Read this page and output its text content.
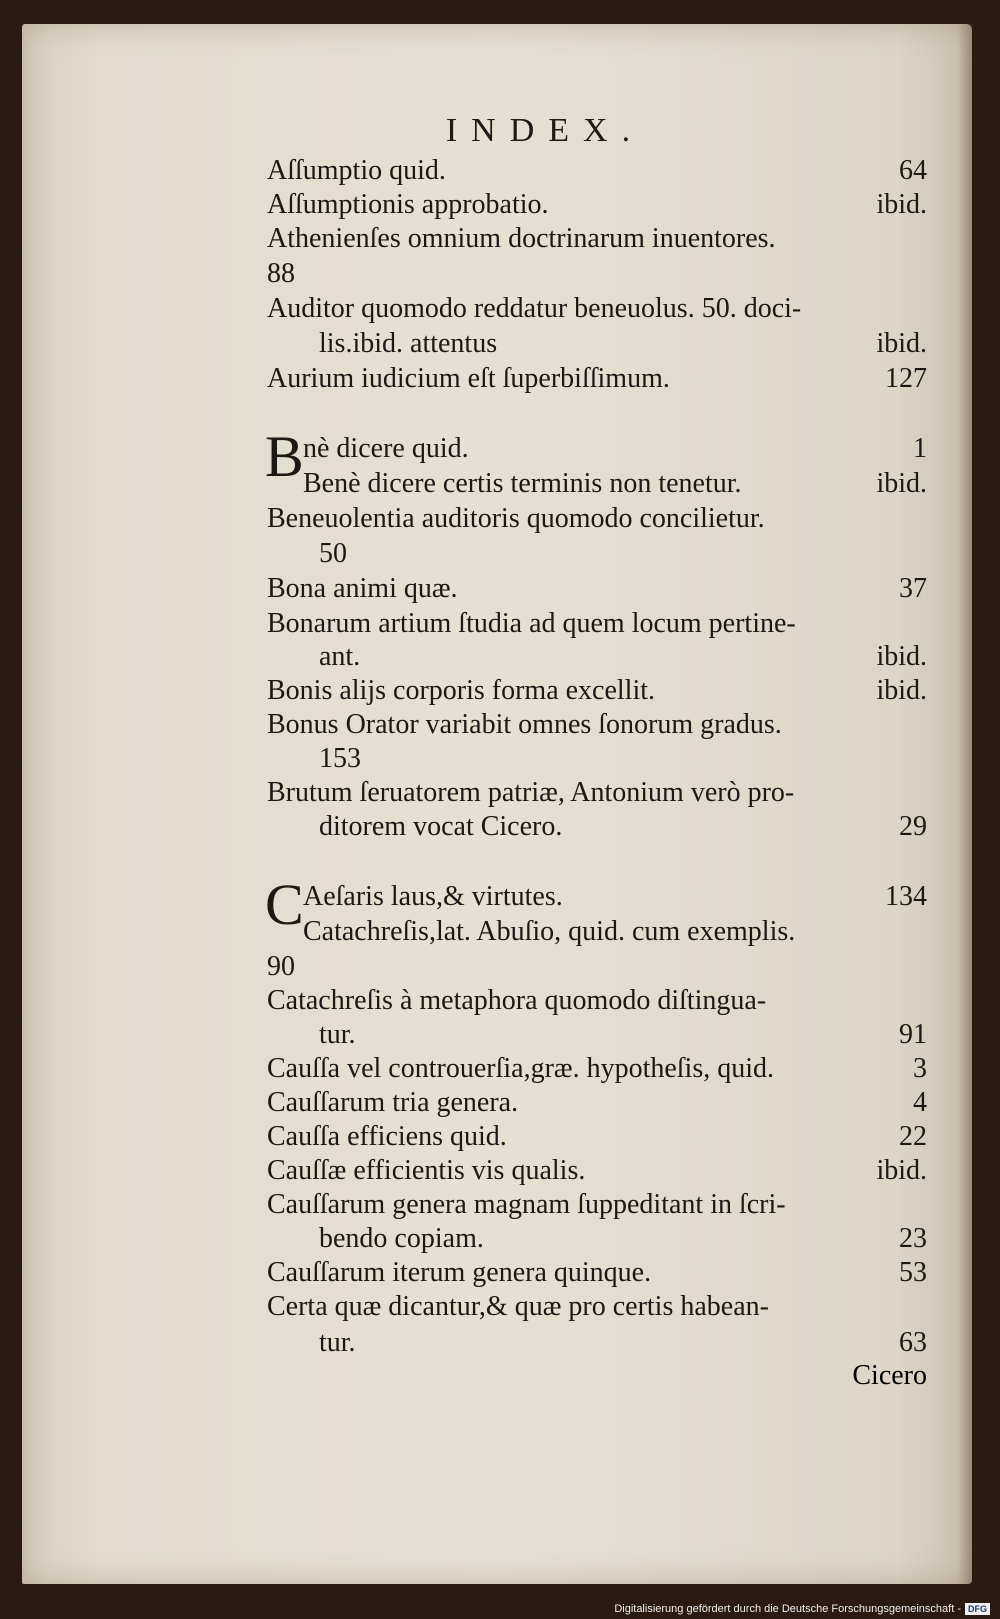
INDEX.
Aſſumptio quid.	64
Aſſumptionis approbatio.	ibid.
Athenienſes omnium doctrinarum inuentores.
88
Auditor quomodo reddatur beneuolus. 50. doci-
lis.ibid. attentus	ibid.
Aurium iudicium eſt ſuperbiſſimum.	127
B nè dicere quid.	1
Benè dicere certis terminis non tenetur.	ibid.
Beneuolentia auditoris quomodo concilietur.
50
Bona animi quæ.	37
Bonarum artium ſtudia ad quem locum pertine-
ant.	ibid.
Bonis alijs corporis forma excellit.	ibid.
Bonus Orator variabit omnes ſonorum gradus.
153
Brutum ſeruatorem patriæ, Antonium verò pro-
ditorem vocat Cicero.	29
C Aeſaris laus,& virtutes.	134
Catachreſis,lat. Abuſio, quid. cum exemplis.
90
Catachreſis à metaphora quomodo diſtingua-
tur.	91
Cauſſa vel controuerſia,græ. hypotheſis, quid.	3
Cauſſarum tria genera.	4
Cauſſa efficiens quid.	22
Cauſſæ efficientis vis qualis.	ibid.
Cauſſarum genera magnam ſuppeditant in ſcri-
bendo copiam.	23
Cauſſarum iterum genera quinque.	53
Certa quæ dicantur,& quæ pro certis habean-
tur.	63
Cicero
Digitalisierung gefördert durch die Deutsche Forschungsgemeinschaft - DFG
